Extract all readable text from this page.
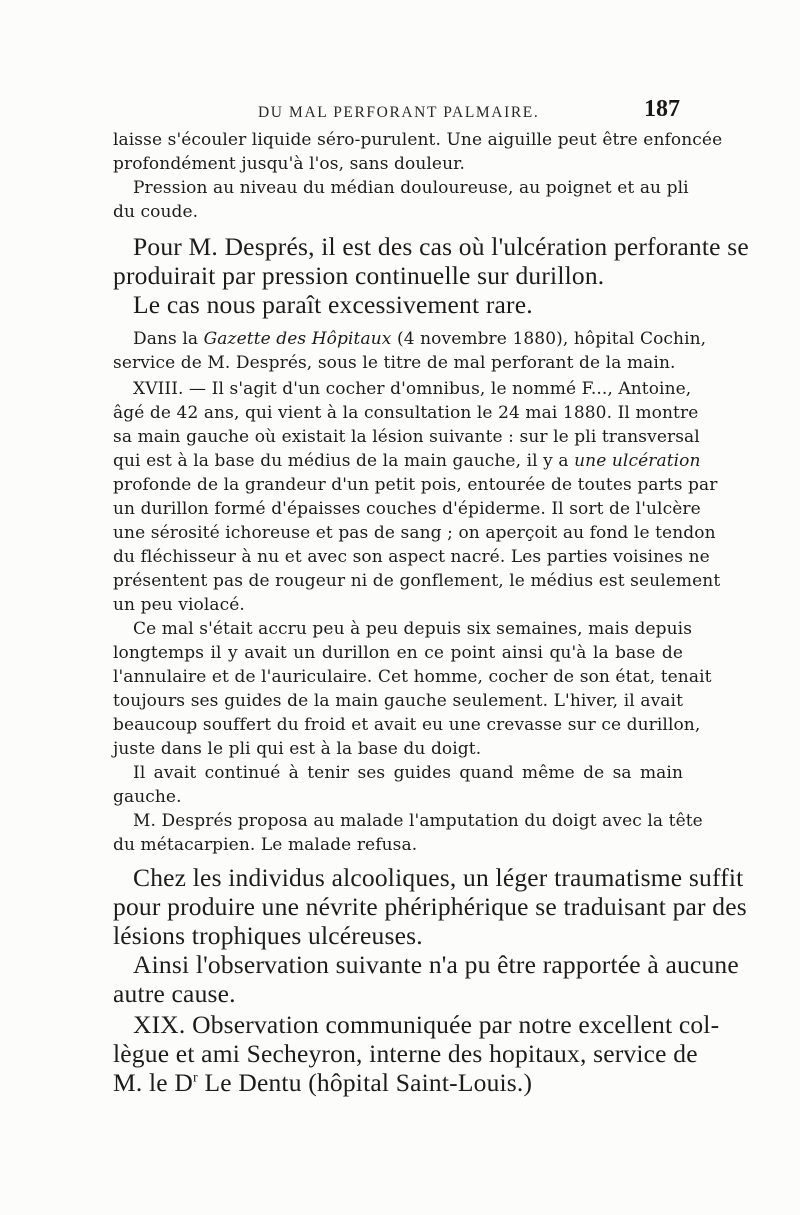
DU MAL PERFORANT PALMAIRE.	187
laisse s'écouler liquide séro-purulent. Une aiguille peut être enfoncée
profondément jusqu'à l'os, sans douleur.
Pression au niveau du médian douloureuse, au poignet et au pli
du coude.
Pour M. Després, il est des cas où l'ulcération perforante se
produirait par pression continuelle sur durillon.
Le cas nous paraît excessivement rare.
Dans la Gazette des Hôpitaux (4 novembre 1880), hôpital Cochin,
service de M. Després, sous le titre de mal perforant de la main.
XVIII. — Il s'agit d'un cocher d'omnibus, le nommé F..., Antoine,
âgé de 42 ans, qui vient à la consultation le 24 mai 1880. Il montre
sa main gauche où existait la lésion suivante : sur le pli transversal
qui est à la base du médius de la main gauche, il y a une ulcération
profonde de la grandeur d'un petit pois, entourée de toutes parts par
un durillon formé d'épaisses couches d'épiderme. Il sort de l'ulcère
une sérosité ichoreuse et pas de sang ; on aperçoit au fond le tendon
du fléchisseur à nu et avec son aspect nacré. Les parties voisines ne
présentent pas de rougeur ni de gonflement, le médius est seulement
un peu violacé.
Ce mal s'était accru peu à peu depuis six semaines, mais depuis
longtemps il y avait un durillon en ce point ainsi qu'à la base de
l'annulaire et de l'auriculaire. Cet homme, cocher de son état, tenait
toujours ses guides de la main gauche seulement. L'hiver, il avait
beaucoup souffert du froid et avait eu une crevasse sur ce durillon,
juste dans le pli qui est à la base du doigt.
Il avait continué à tenir ses guides quand même de sa main
gauche.
M. Després proposa au malade l'amputation du doigt avec la tête
du métacarpien. Le malade refusa.
Chez les individus alcooliques, un léger traumatisme suffit
pour produire une névrite phériphérique se traduisant par des
lésions trophiques ulcéreuses.
Ainsi l'observation suivante n'a pu être rapportée à aucune
autre cause.
XIX. Observation communiquée par notre excellent col-
lègue et ami Secheyron, interne des hopitaux, service de
M. le $D^r$ Le Dentu (hôpital Saint-Louis.)
